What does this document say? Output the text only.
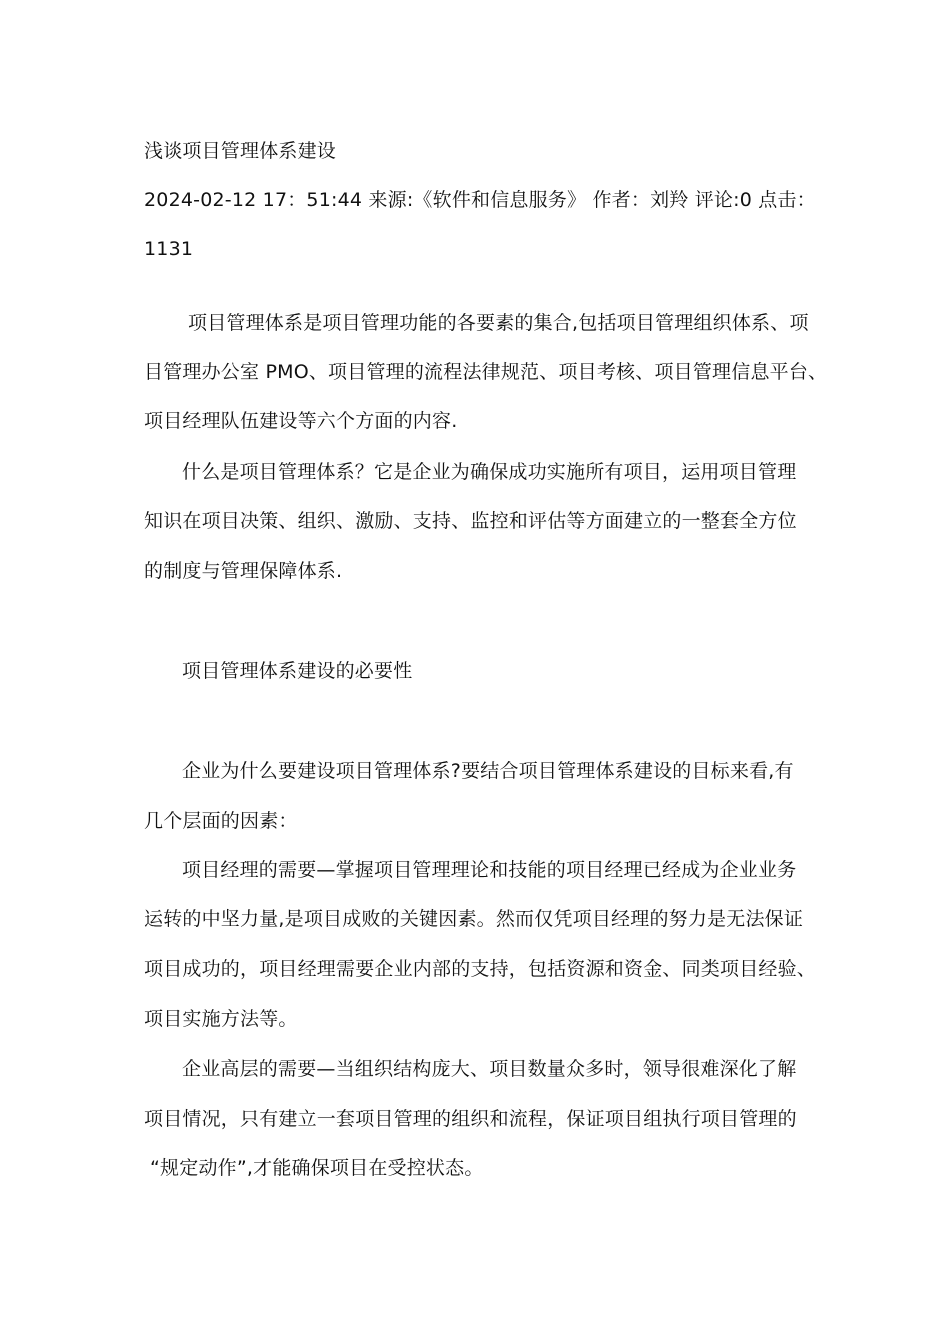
浅谈项目管理体系建设
2024-02-12 17：51:44 来源:《软件和信息服务》 作者：刘羚 评论:0 点击：
1131
项目管理体系是项目管理功能的各要素的集合,包括项目管理组织体系、项
目管理办公室 PMO、项目管理的流程法律规范、项目考核、项目管理信息平台、
项目经理队伍建设等六个方面的内容.
什么是项目管理体系？它是企业为确保成功实施所有项目，运用项目管理
知识在项目决策、组织、激励、支持、监控和评估等方面建立的一整套全方位
的制度与管理保障体系.
项目管理体系建设的必要性
企业为什么要建设项目管理体系?要结合项目管理体系建设的目标来看,有
几个层面的因素：
项目经理的需要—掌握项目管理理论和技能的项目经理已经成为企业业务
运转的中坚力量,是项目成败的关键因素。然而仅凭项目经理的努力是无法保证
项目成功的，项目经理需要企业内部的支持，包括资源和资金、同类项目经验、
项目实施方法等。
企业高层的需要—当组织结构庞大、项目数量众多时，领导很难深化了解
项目情况，只有建立一套项目管理的组织和流程，保证项目组执行项目管理的
“规定动作”,才能确保项目在受控状态。
